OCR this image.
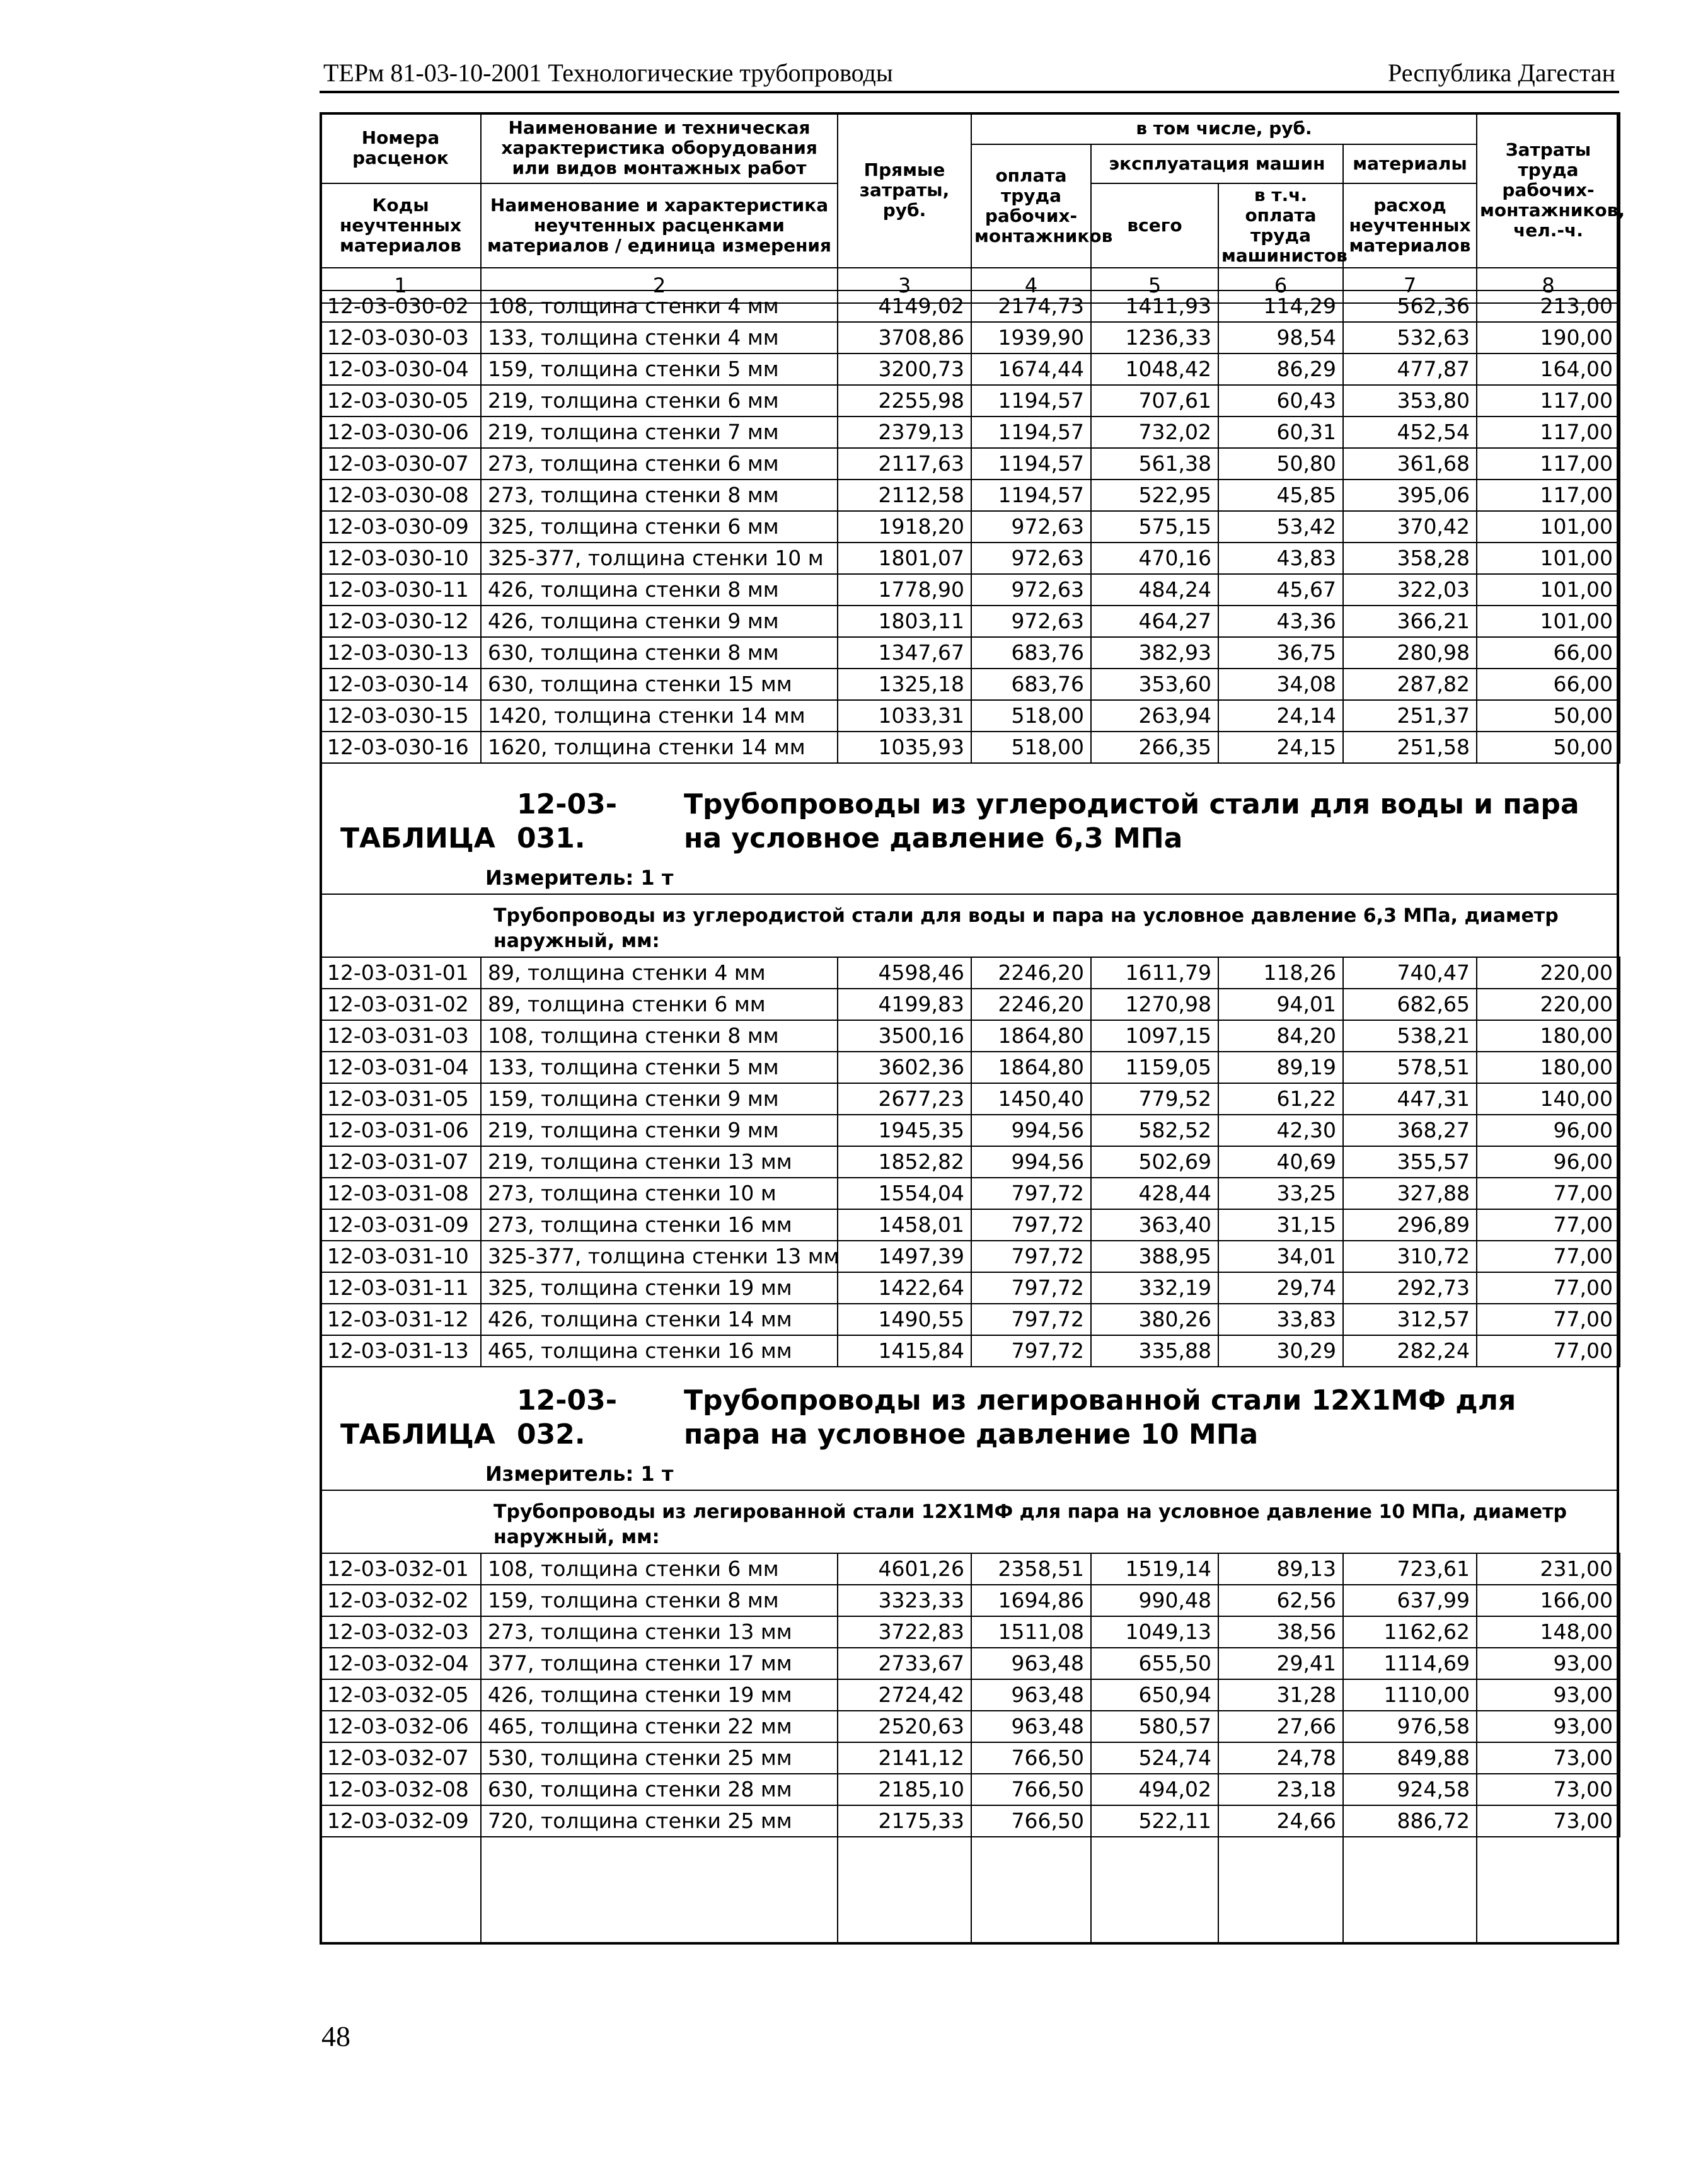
ТЕРм 81-03-10-2001 Технологические трубопроводы	Республика Дагестан
Номера расценок	Наименование и техническая характеристика оборудования или видов монтажных работ	Прямые затраты, руб.	в том числе, руб.				Затраты труда рабочих-монтажников, чел.-ч.
			оплата труда рабочих-монтажников	эксплуатация машин		материалы	
Коды неучтенных материалов	Наименование и характеристика неучтенных расценками материалов / единица измерения			всего	в т.ч. оплата труда машинистов	расход неучтенных материалов	

1	2	3	4	5	6	7	8
12-03-030-02	108, толщина стенки 4 мм	4149,02	2174,73	1411,93	114,29	562,36	213,00
12-03-030-03	133, толщина стенки 4 мм	3708,86	1939,90	1236,33	98,54	532,63	190,00
12-03-030-04	159, толщина стенки 5 мм	3200,73	1674,44	1048,42	86,29	477,87	164,00
12-03-030-05	219, толщина стенки 6 мм	2255,98	1194,57	707,61	60,43	353,80	117,00
12-03-030-06	219, толщина стенки 7 мм	2379,13	1194,57	732,02	60,31	452,54	117,00
12-03-030-07	273, толщина стенки 6 мм	2117,63	1194,57	561,38	50,80	361,68	117,00
12-03-030-08	273, толщина стенки 8 мм	2112,58	1194,57	522,95	45,85	395,06	117,00
12-03-030-09	325, толщина стенки 6 мм	1918,20	972,63	575,15	53,42	370,42	101,00
12-03-030-10	325-377, толщина стенки 10 м	1801,07	972,63	470,16	43,83	358,28	101,00
12-03-030-11	426, толщина стенки 8 мм	1778,90	972,63	484,24	45,67	322,03	101,00
12-03-030-12	426, толщина стенки 9 мм	1803,11	972,63	464,27	43,36	366,21	101,00
12-03-030-13	630, толщина стенки 8 мм	1347,67	683,76	382,93	36,75	280,98	66,00
12-03-030-14	630, толщина стенки 15 мм	1325,18	683,76	353,60	34,08	287,82	66,00
12-03-030-15	1420, толщина стенки 14 мм	1033,31	518,00	263,94	24,14	251,37	50,00
12-03-030-16	1620, толщина стенки 14 мм	1035,93	518,00	266,35	24,15	251,58	50,00
ТАБЛИЦА12-03-031.Трубопроводы из углеродистой стали для воды и пара на условное давление 6,3 МПа
Измеритель: 1 т
Трубопроводы из углеродистой стали для воды и пара на условное давление 6,3 МПа, диаметр наружный, мм:
12-03-031-01	89, толщина стенки 4 мм	4598,46	2246,20	1611,79	118,26	740,47	220,00
12-03-031-02	89, толщина стенки 6 мм	4199,83	2246,20	1270,98	94,01	682,65	220,00
12-03-031-03	108, толщина стенки 8 мм	3500,16	1864,80	1097,15	84,20	538,21	180,00
12-03-031-04	133, толщина стенки 5 мм	3602,36	1864,80	1159,05	89,19	578,51	180,00
12-03-031-05	159, толщина стенки 9 мм	2677,23	1450,40	779,52	61,22	447,31	140,00
12-03-031-06	219, толщина стенки 9 мм	1945,35	994,56	582,52	42,30	368,27	96,00
12-03-031-07	219, толщина стенки 13 мм	1852,82	994,56	502,69	40,69	355,57	96,00
12-03-031-08	273, толщина стенки 10 м	1554,04	797,72	428,44	33,25	327,88	77,00
12-03-031-09	273, толщина стенки 16 мм	1458,01	797,72	363,40	31,15	296,89	77,00
12-03-031-10	325-377, толщина стенки 13 мм	1497,39	797,72	388,95	34,01	310,72	77,00
12-03-031-11	325, толщина стенки 19 мм	1422,64	797,72	332,19	29,74	292,73	77,00
12-03-031-12	426, толщина стенки 14 мм	1490,55	797,72	380,26	33,83	312,57	77,00
12-03-031-13	465, толщина стенки 16 мм	1415,84	797,72	335,88	30,29	282,24	77,00
ТАБЛИЦА12-03-032.Трубопроводы из легированной стали 12Х1МФ для пара на условное давление 10 МПа
Измеритель: 1 т
Трубопроводы из легированной стали 12Х1МФ для пара на условное давление 10 МПа, диаметр наружный, мм:
12-03-032-01	108, толщина стенки 6 мм	4601,26	2358,51	1519,14	89,13	723,61	231,00
12-03-032-02	159, толщина стенки 8 мм	3323,33	1694,86	990,48	62,56	637,99	166,00
12-03-032-03	273, толщина стенки 13 мм	3722,83	1511,08	1049,13	38,56	1162,62	148,00
12-03-032-04	377, толщина стенки 17 мм	2733,67	963,48	655,50	29,41	1114,69	93,00
12-03-032-05	426, толщина стенки 19 мм	2724,42	963,48	650,94	31,28	1110,00	93,00
12-03-032-06	465, толщина стенки 22 мм	2520,63	963,48	580,57	27,66	976,58	93,00
12-03-032-07	530, толщина стенки 25 мм	2141,12	766,50	524,74	24,78	849,88	73,00
12-03-032-08	630, толщина стенки 28 мм	2185,10	766,50	494,02	23,18	924,58	73,00
12-03-032-09	720, толщина стенки 25 мм	2175,33	766,50	522,11	24,66	886,72	73,00
48
